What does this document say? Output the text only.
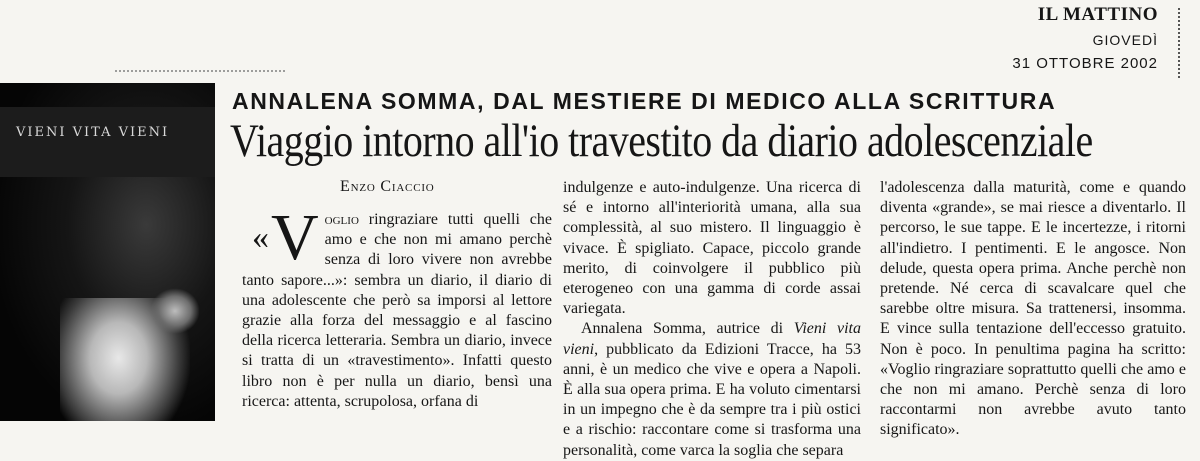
IL MATTINO
GIOVEDÌ
31 OTTOBRE 2002
VIENI VITA VIENI
ANNALENA SOMMA, DAL MESTIERE DI MEDICO ALLA SCRITTURA
Viaggio intorno all'io travestito da diario adolescenziale
Enzo Ciaccio

«V oglio ringraziare tutti quelli che amo e che non mi amano perchè senza di loro vivere non avrebbe tanto sapore...»: sembra un diario, il diario di una adolescente che però sa imporsi al lettore grazie alla forza del messaggio e al fascino della ricerca letteraria. Sembra un diario, invece si tratta di un «travestimento». Infatti questo libro non è per nulla un diario, bensì una ricerca: attenta, scrupolosa, orfana di

indulgenze e auto-indulgenze. Una ricerca di sé e intorno all'interiorità umana, alla sua complessità, al suo mistero. Il linguaggio è vivace. È spigliato. Capace, piccolo grande merito, di coinvolgere il pubblico più eterogeneo con una gamma di corde assai variegata.

Annalena Somma, autrice di Vieni vita vieni, pubblicato da Edizioni Tracce, ha 53 anni, è un medico che vive e opera a Napoli. È alla sua opera prima. E ha voluto cimentarsi in un impegno che è da sempre tra i più ostici e a rischio: raccontare come si trasforma una personalità, come varca la soglia che separa

l'adolescenza dalla maturità, come e quando diventa «grande», se mai riesce a diventarlo. Il percorso, le sue tappe. E le incertezze, i ritorni all'indietro. I pentimenti. E le angosce. Non delude, questa opera prima. Anche perchè non pretende. Né cerca di scavalcare quel che sarebbe oltre misura. Sa trattenersi, insomma. E vince sulla tentazione dell'eccesso gratuito. Non è poco. In penultima pagina ha scritto: «Voglio ringraziare soprattutto quelli che amo e che non mi amano. Perchè senza di loro raccontarmi non avrebbe avuto tanto significato».
